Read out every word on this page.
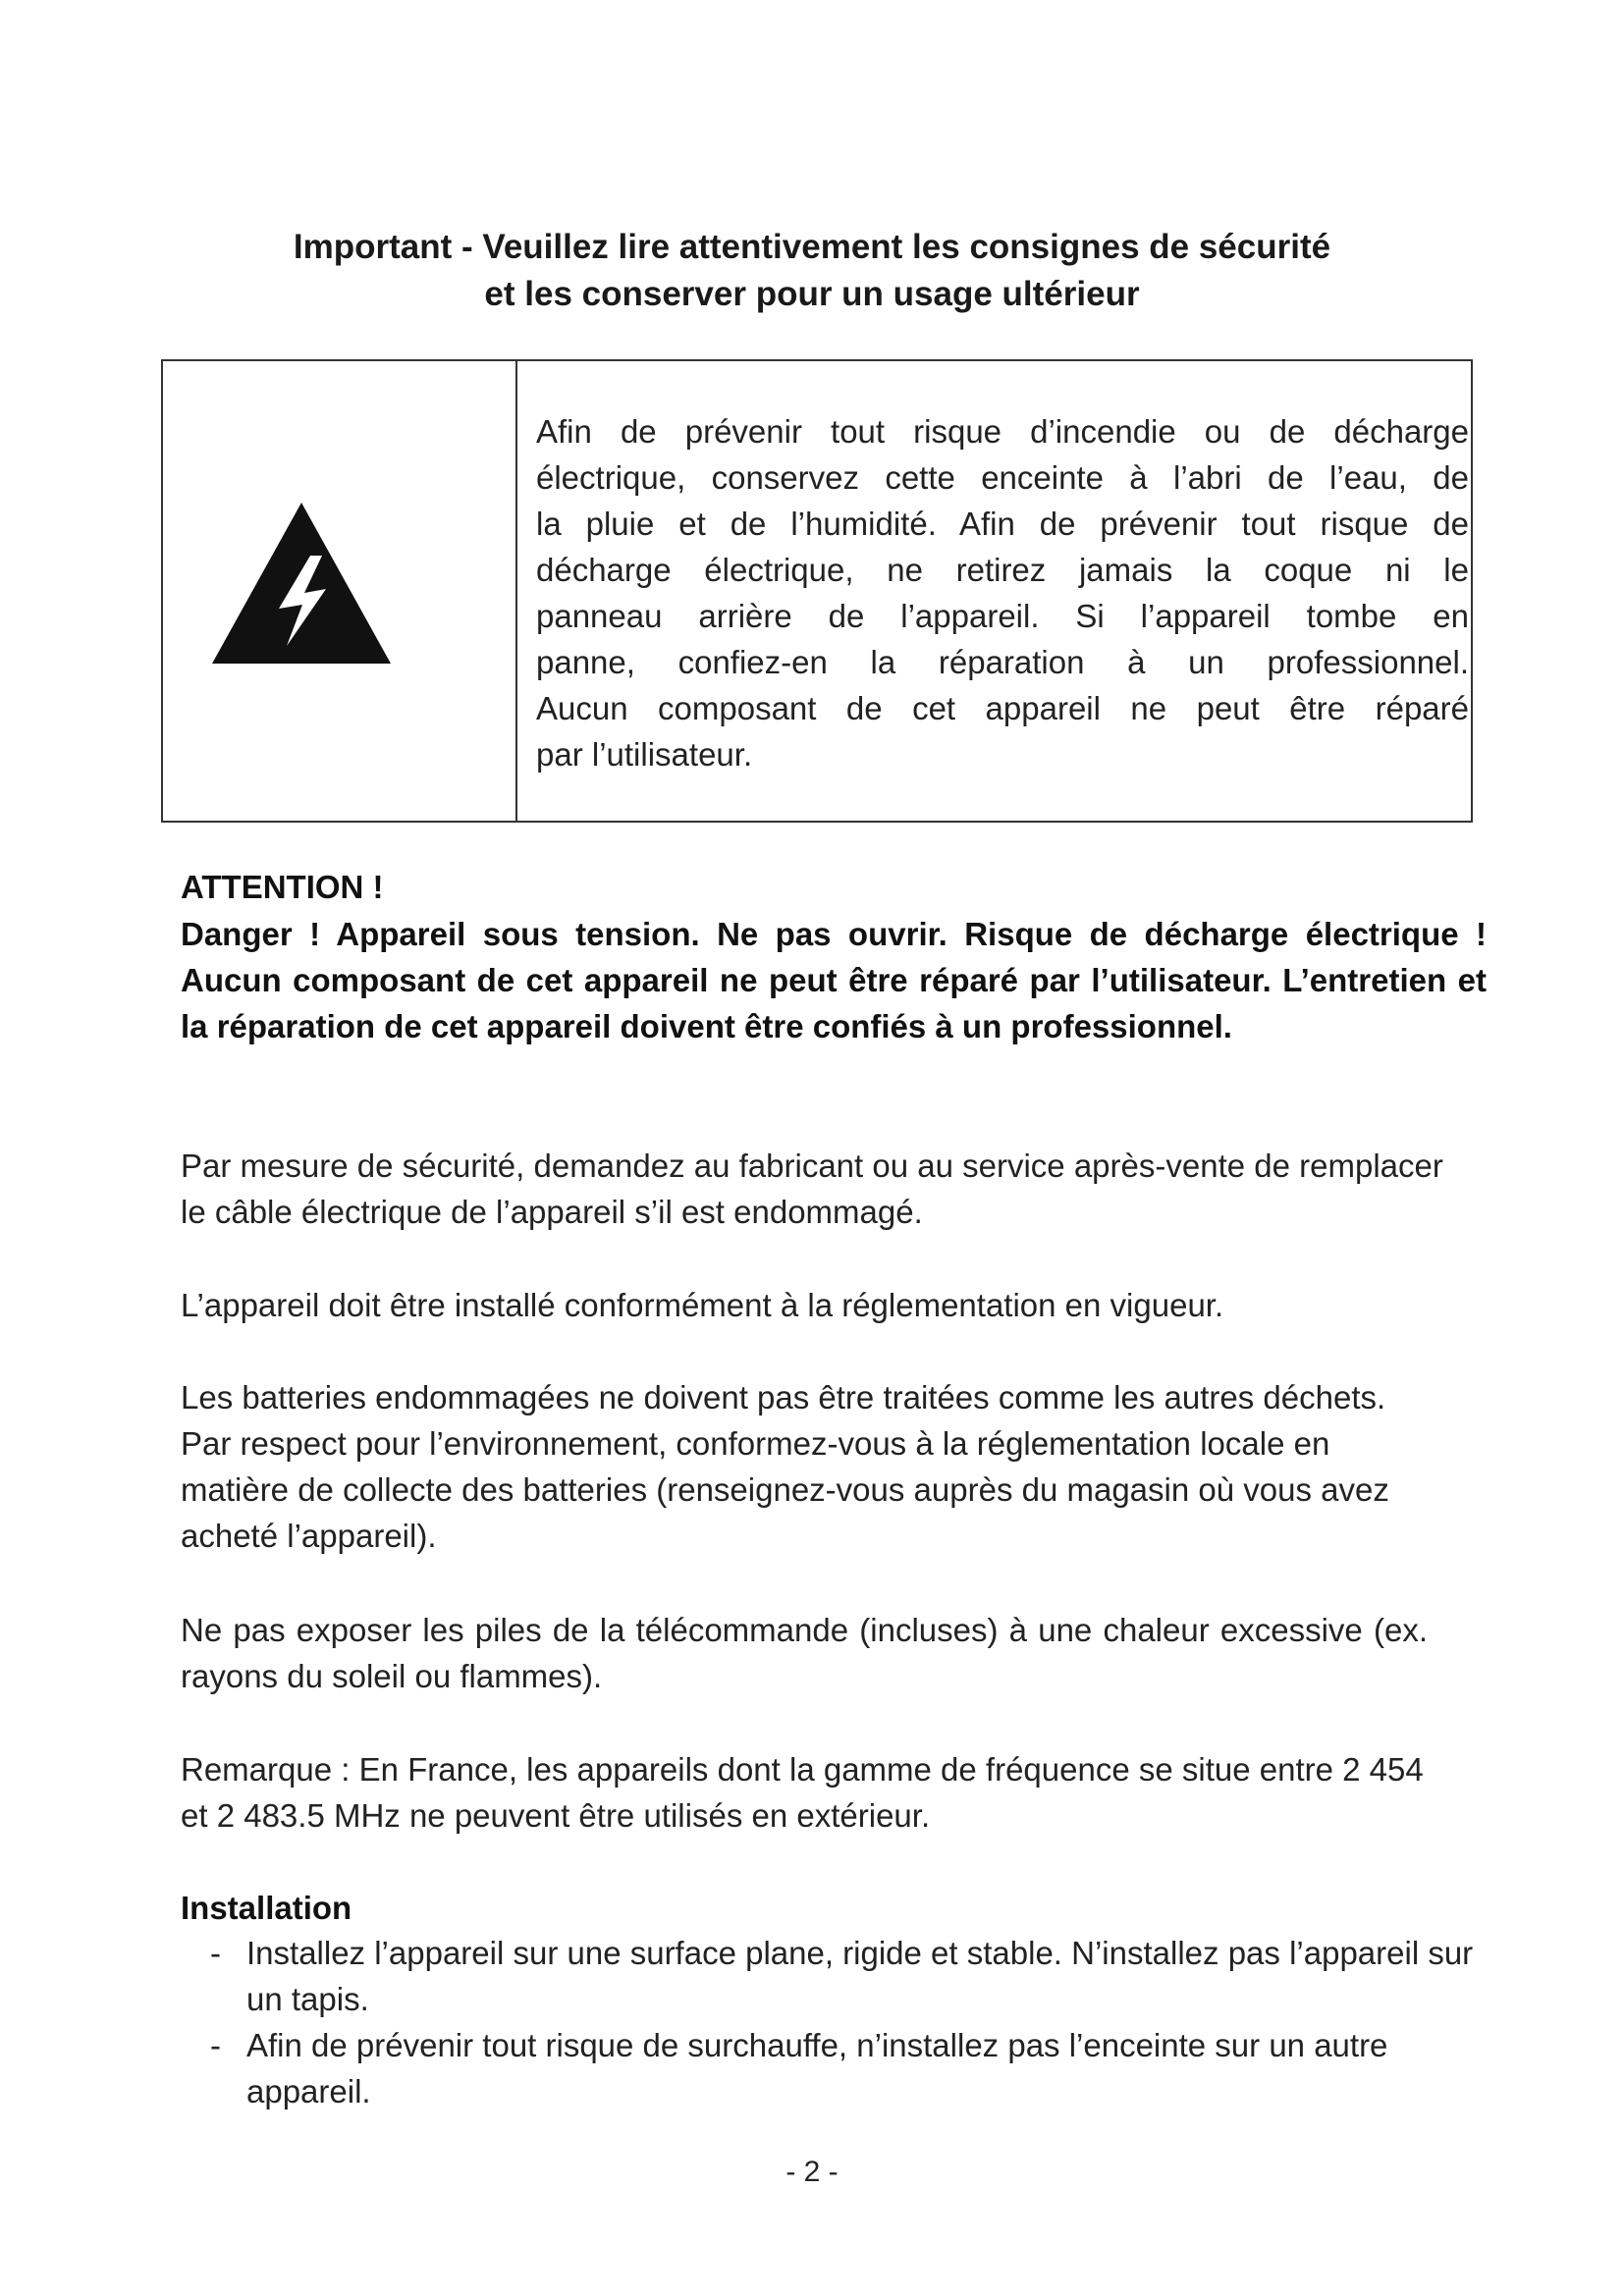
Important - Veuillez lire attentivement les consignes de sécurité
et les conserver pour un usage ultérieur
Afin de prévenir tout risque d’incendie ou de décharge
électrique, conservez cette enceinte à l’abri de l’eau, de
la pluie et de l’humidité. Afin de prévenir tout risque de
décharge électrique, ne retirez jamais la coque ni le
panneau arrière de l’appareil. Si l’appareil tombe en
panne, confiez-en la réparation à un professionnel.
Aucun composant de cet appareil ne peut être réparé
par l’utilisateur.
ATTENTION !
Danger ! Appareil sous tension. Ne pas ouvrir. Risque de décharge électrique ! Aucun composant de cet appareil ne peut être réparé par l’utilisateur. L’entretien et la réparation de cet appareil doivent être confiés à un professionnel.
Par mesure de sécurité, demandez au fabricant ou au service après-vente de remplacer le câble électrique de l’appareil s’il est endommagé.
L’appareil doit être installé conformément à la réglementation en vigueur.
Les batteries endommagées ne doivent pas être traitées comme les autres déchets. Par respect pour l’environnement, conformez-vous à la réglementation locale en matière de collecte des batteries (renseignez-vous auprès du magasin où vous avez acheté l’appareil).
Ne pas exposer les piles de la télécommande (incluses) à une chaleur excessive (ex. rayons du soleil ou flammes).
Remarque : En France, les appareils dont la gamme de fréquence se situe entre 2 454 et 2 483.5 MHz ne peuvent être utilisés en extérieur.
Installation
- Installez l’appareil sur une surface plane, rigide et stable. N’installez pas l’appareil sur un tapis.
- Afin de prévenir tout risque de surchauffe, n’installez pas l’enceinte sur un autre appareil.
- 2 -
